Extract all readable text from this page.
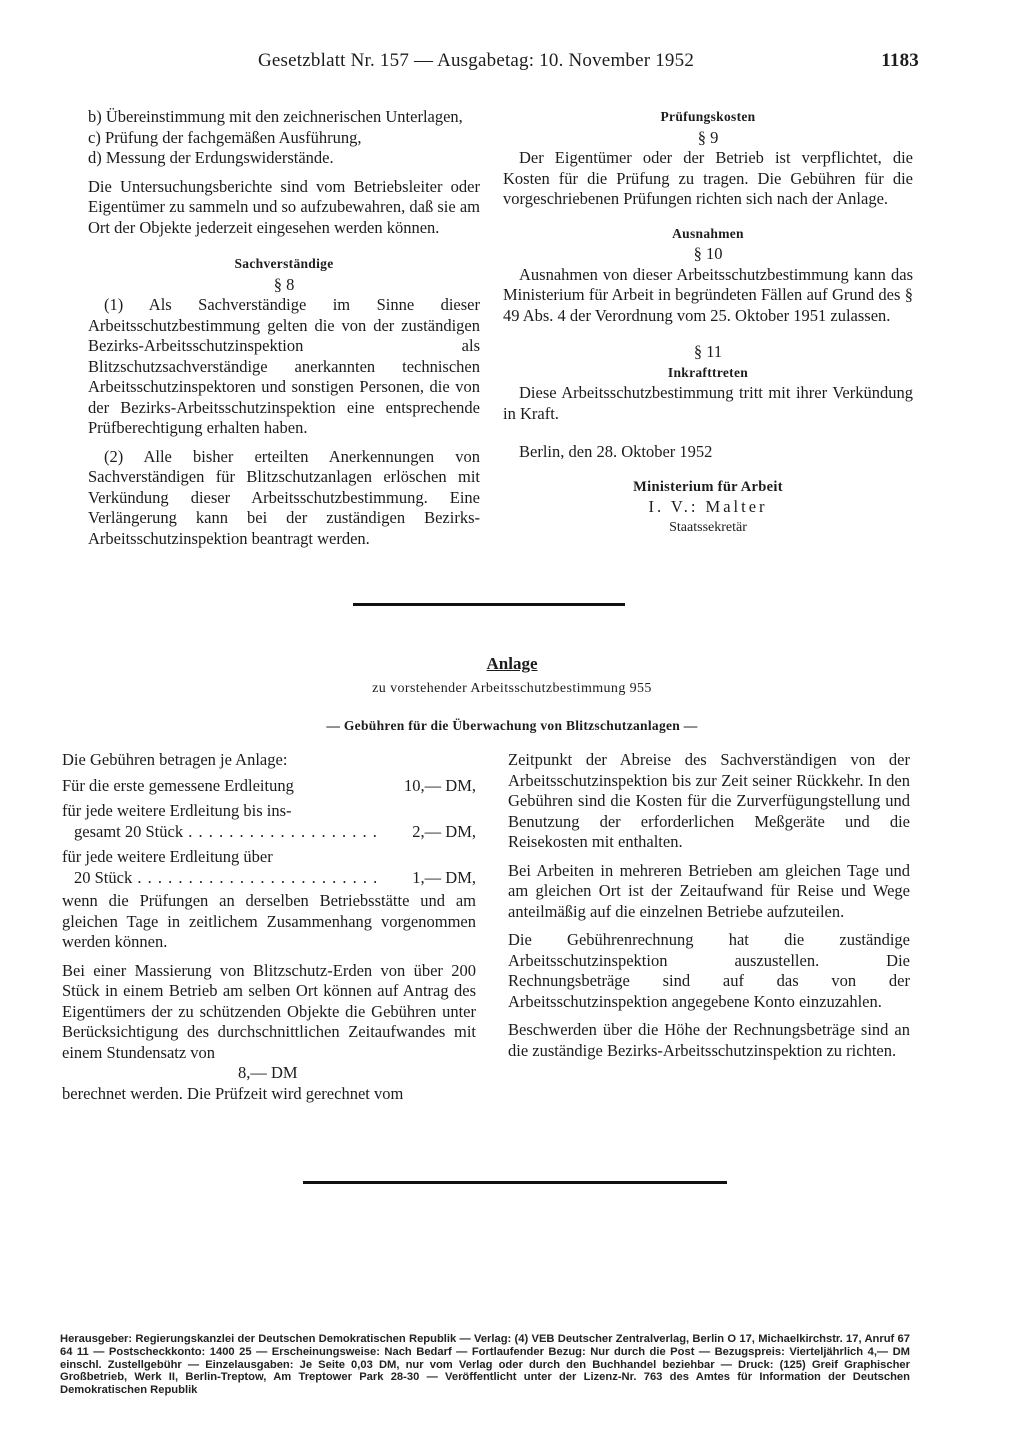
Gesetzblatt Nr. 157 — Ausgabetag: 10. November 1952	1183

b) Übereinstimmung mit den zeichnerischen Unterlagen,

c) Prüfung der fachgemäßen Ausführung,

d) Messung der Erdungswiderstände.

Die Untersuchungsberichte sind vom Betriebsleiter oder Eigentümer zu sammeln und so aufzubewahren, daß sie am Ort der Objekte jederzeit eingesehen werden können.

Sachverständige

§ 8

(1) Als Sachverständige im Sinne dieser Arbeitsschutzbestimmung gelten die von der zuständigen Bezirks-Arbeitsschutzinspektion als Blitzschutzsachverständige anerkannten technischen Arbeitsschutzinspektoren und sonstigen Personen, die von der Bezirks-Arbeitsschutzinspektion eine entsprechende Prüfberechtigung erhalten haben.

(2) Alle bisher erteilten Anerkennungen von Sachverständigen für Blitzschutzanlagen erlöschen mit Verkündung dieser Arbeitsschutzbestimmung. Eine Verlängerung kann bei der zuständigen Bezirks-Arbeitsschutzinspektion beantragt werden.

Prüfungskosten

§ 9

Der Eigentümer oder der Betrieb ist verpflichtet, die Kosten für die Prüfung zu tragen. Die Gebühren für die vorgeschriebenen Prüfungen richten sich nach der Anlage.

Ausnahmen

§ 10

Ausnahmen von dieser Arbeitsschutzbestimmung kann das Ministerium für Arbeit in begründeten Fällen auf Grund des § 49 Abs. 4 der Verordnung vom 25. Oktober 1951 zulassen.

§ 11

Inkrafttreten

Diese Arbeitsschutzbestimmung tritt mit ihrer Verkündung in Kraft.

Berlin, den 28. Oktober 1952

Ministerium für Arbeit

I. V.: Malter

Staatssekretär

Anlage
zu vorstehender Arbeitsschutzbestimmung 955
— Gebühren für die Überwachung von Blitzschutzanlagen —

Die Gebühren betragen je Anlage:

Für die erste gemessene Erdleitung	10,— DM,

für jede weitere Erdleitung bis ins-

gesamt 20 Stück . . .	2,— DM,

für jede weitere Erdleitung über

20 Stück . . .	1,— DM,

wenn die Prüfungen an derselben Betriebsstätte und am gleichen Tage in zeitlichem Zusammenhang vorgenommen werden können.

Bei einer Massierung von Blitzschutz-Erden von über 200 Stück in einem Betrieb am selben Ort können auf Antrag des Eigentümers der zu schützenden Objekte die Gebühren unter Berücksichtigung des durchschnittlichen Zeitaufwandes mit einem Stundensatz von

8,— DM

berechnet werden. Die Prüfzeit wird gerechnet vom

Zeitpunkt der Abreise des Sachverständigen von der Arbeitsschutzinspektion bis zur Zeit seiner Rückkehr. In den Gebühren sind die Kosten für die Zurverfügungstellung und Benutzung der erforderlichen Meßgeräte und die Reisekosten mit enthalten.

Bei Arbeiten in mehreren Betrieben am gleichen Tage und am gleichen Ort ist der Zeitaufwand für Reise und Wege anteilmäßig auf die einzelnen Betriebe aufzuteilen.

Die Gebührenrechnung hat die zuständige Arbeitsschutzinspektion auszustellen. Die Rechnungsbeträge sind auf das von der Arbeitsschutzinspektion angegebene Konto einzuzahlen.

Beschwerden über die Höhe der Rechnungsbeträge sind an die zuständige Bezirks-Arbeitsschutzinspektion zu richten.

Herausgeber: Regierungskanzlei der Deutschen Demokratischen Republik — Verlag: (4) VEB Deutscher Zentralverlag, Berlin O 17, Michaelkirchstr. 17, Anruf 67 64 11 — Postscheckkonto: 1400 25 — Erscheinungsweise: Nach Bedarf — Fortlaufender Bezug: Nur durch die Post — Bezugspreis: Vierteljährlich 4,— DM einschl. Zustellgebühr — Einzelausgaben: Je Seite 0,03 DM, nur vom Verlag oder durch den Buchhandel beziehbar — Druck: (125) Greif Graphischer Großbetrieb, Werk II, Berlin-Treptow, Am Treptower Park 28-30 — Veröffentlicht unter der Lizenz-Nr. 763 des Amtes für Information der Deutschen Demokratischen Republik
